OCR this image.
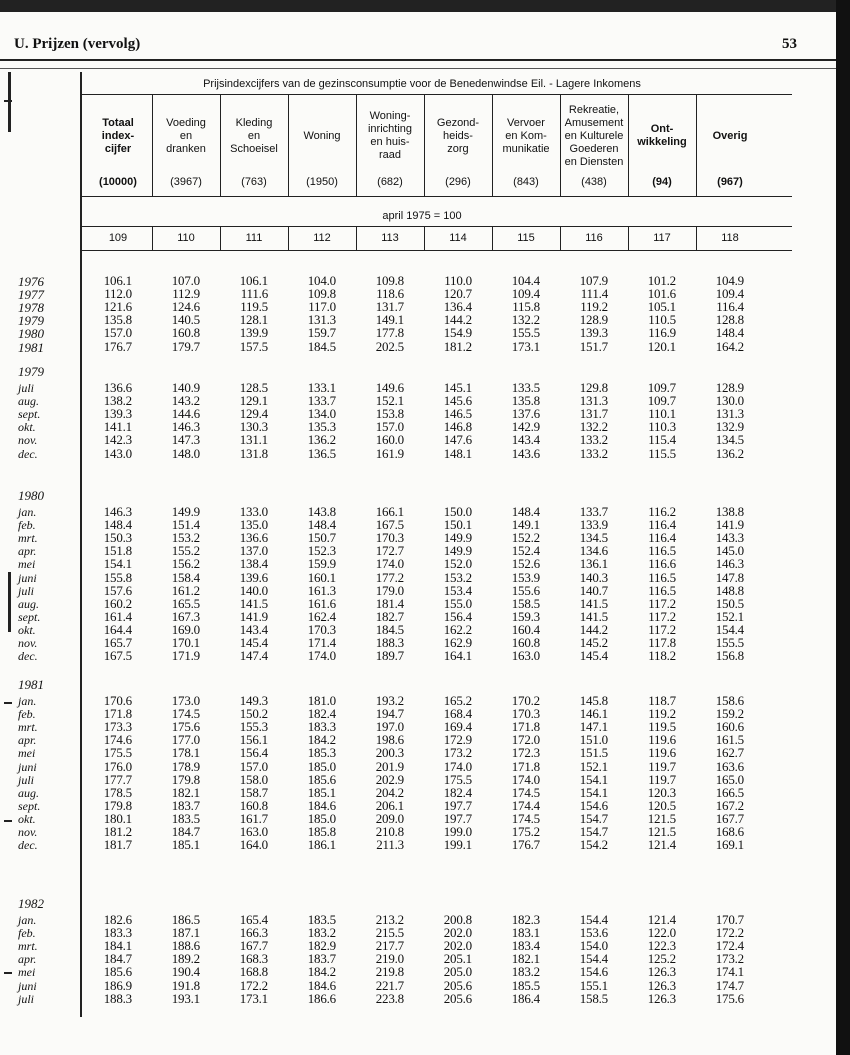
U. Prijzen (vervolg)	53
Prijsindexcijfers van de gezinsconsumptie voor de Benedenwindse Eil. - Lagere Inkomens
april 1975 = 100
Totaal
index-
cijfer
(10000)
109
Voeding
en
dranken
(3967)
110
Kleding
en
Schoeisel
(763)
111
Woning
(1950)
112
Woning-
inrichting
en huis-
raad
(682)
113
Gezond-
heids-
zorg
(296)
114
Vervoer
en Kom-
munikatie
(843)
115
Rekreatie,
Amusement
en Kulturele
Goederen
en Diensten
(438)
116
Ont-
wikkeling
(94)
117
Overig
(967)
118
1976	106.1	107.0	106.1	104.0	109.8	110.0	104.4	107.9	101.2	104.9
1977	112.0	112.9	111.6	109.8	118.6	120.7	109.4	111.4	101.6	109.4
1978	121.6	124.6	119.5	117.0	131.7	136.4	115.8	119.2	105.1	116.4
1979	135.8	140.5	128.1	131.3	149.1	144.2	132.2	128.9	110.5	128.8
1980	157.0	160.8	139.9	159.7	177.8	154.9	155.5	139.3	116.9	148.4
1981	176.7	179.7	157.5	184.5	202.5	181.2	173.1	151.7	120.1	164.2
1979
juli	136.6	140.9	128.5	133.1	149.6	145.1	133.5	129.8	109.7	128.9
aug.	138.2	143.2	129.1	133.7	152.1	145.6	135.8	131.3	109.7	130.0
sept.	139.3	144.6	129.4	134.0	153.8	146.5	137.6	131.7	110.1	131.3
okt.	141.1	146.3	130.3	135.3	157.0	146.8	142.9	132.2	110.3	132.9
nov.	142.3	147.3	131.1	136.2	160.0	147.6	143.4	133.2	115.4	134.5
dec.	143.0	148.0	131.8	136.5	161.9	148.1	143.6	133.2	115.5	136.2
1980
jan.	146.3	149.9	133.0	143.8	166.1	150.0	148.4	133.7	116.2	138.8
feb.	148.4	151.4	135.0	148.4	167.5	150.1	149.1	133.9	116.4	141.9
mrt.	150.3	153.2	136.6	150.7	170.3	149.9	152.2	134.5	116.4	143.3
apr.	151.8	155.2	137.0	152.3	172.7	149.9	152.4	134.6	116.5	145.0
mei	154.1	156.2	138.4	159.9	174.0	152.0	152.6	136.1	116.6	146.3
juni	155.8	158.4	139.6	160.1	177.2	153.2	153.9	140.3	116.5	147.8
juli	157.6	161.2	140.0	161.3	179.0	153.4	155.6	140.7	116.5	148.8
aug.	160.2	165.5	141.5	161.6	181.4	155.0	158.5	141.5	117.2	150.5
sept.	161.4	167.3	141.9	162.4	182.7	156.4	159.3	141.5	117.2	152.1
okt.	164.4	169.0	143.4	170.3	184.5	162.2	160.4	144.2	117.2	154.4
nov.	165.7	170.1	145.4	171.4	188.3	162.9	160.8	145.2	117.8	155.5
dec.	167.5	171.9	147.4	174.0	189.7	164.1	163.0	145.4	118.2	156.8
1981
jan.	170.6	173.0	149.3	181.0	193.2	165.2	170.2	145.8	118.7	158.6
feb.	171.8	174.5	150.2	182.4	194.7	168.4	170.3	146.1	119.2	159.2
mrt.	173.3	175.6	155.3	183.3	197.0	169.4	171.8	147.1	119.5	160.6
apr.	174.6	177.0	156.1	184.2	198.6	172.9	172.0	151.0	119.6	161.5
mei	175.5	178.1	156.4	185.3	200.3	173.2	172.3	151.5	119.6	162.7
juni	176.0	178.9	157.0	185.0	201.9	174.0	171.8	152.1	119.7	163.6
juli	177.7	179.8	158.0	185.6	202.9	175.5	174.0	154.1	119.7	165.0
aug.	178.5	182.1	158.7	185.1	204.2	182.4	174.5	154.1	120.3	166.5
sept.	179.8	183.7	160.8	184.6	206.1	197.7	174.4	154.6	120.5	167.2
okt.	180.1	183.5	161.7	185.0	209.0	197.7	174.5	154.7	121.5	167.7
nov.	181.2	184.7	163.0	185.8	210.8	199.0	175.2	154.7	121.5	168.6
dec.	181.7	185.1	164.0	186.1	211.3	199.1	176.7	154.2	121.4	169.1
1982
jan.	182.6	186.5	165.4	183.5	213.2	200.8	182.3	154.4	121.4	170.7
feb.	183.3	187.1	166.3	183.2	215.5	202.0	183.1	153.6	122.0	172.2
mrt.	184.1	188.6	167.7	182.9	217.7	202.0	183.4	154.0	122.3	172.4
apr.	184.7	189.2	168.3	183.7	219.0	205.1	182.1	154.4	125.2	173.2
mei	185.6	190.4	168.8	184.2	219.8	205.0	183.2	154.6	126.3	174.1
juni	186.9	191.8	172.2	184.6	221.7	205.6	185.5	155.1	126.3	174.7
juli	188.3	193.1	173.1	186.6	223.8	205.6	186.4	158.5	126.3	175.6
